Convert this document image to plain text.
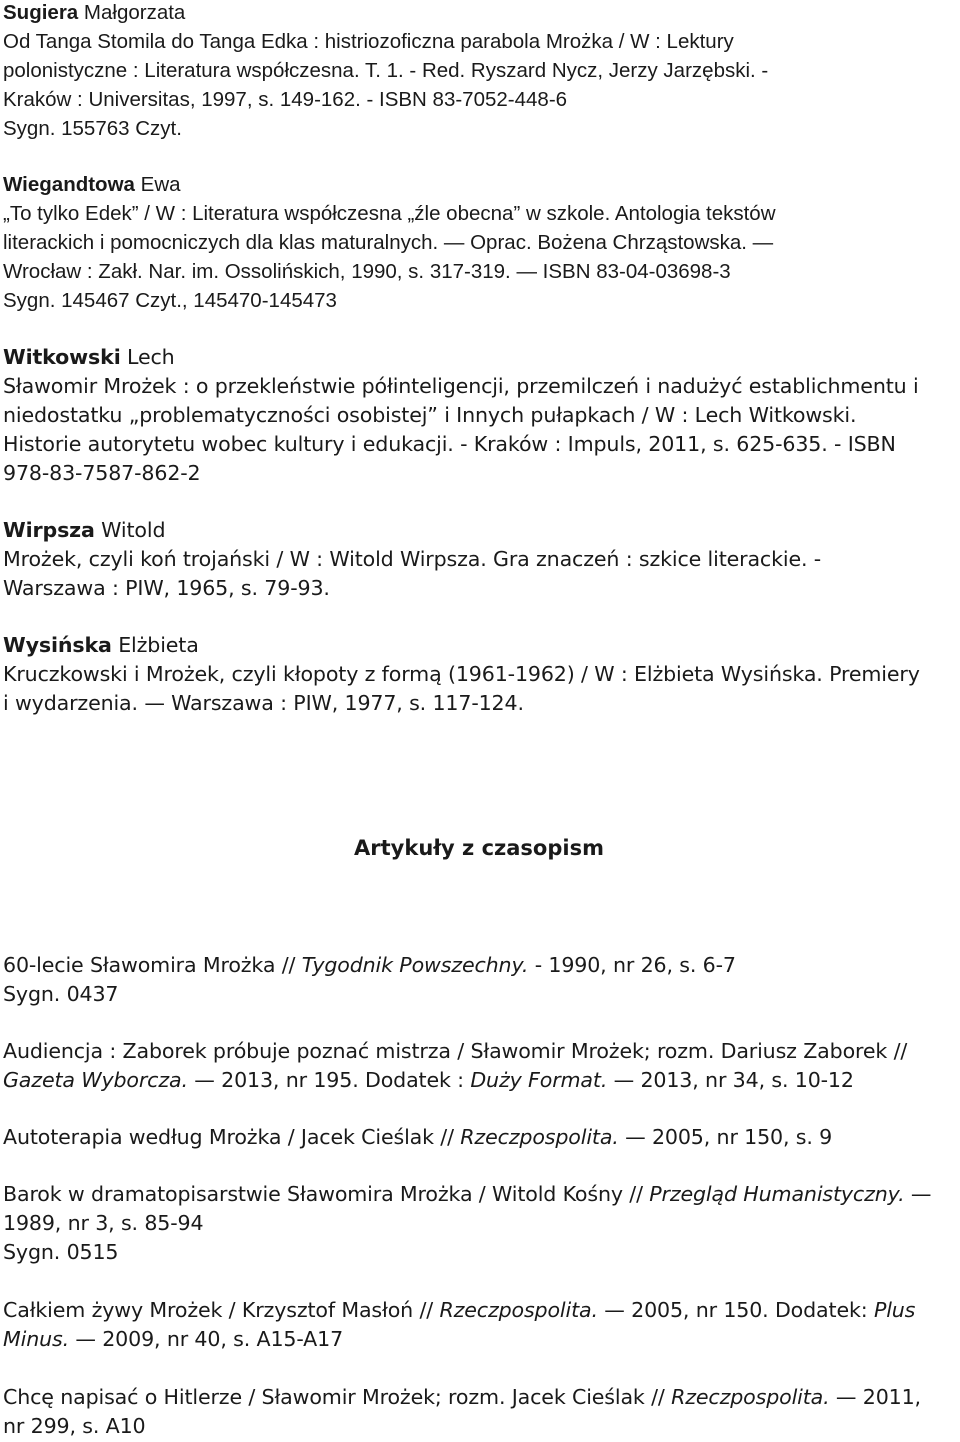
Sugiera Małgorzata
Od Tanga Stomila do Tanga Edka : histriozoficzna parabola Mrożka / W : Lektury
polonistyczne : Literatura współczesna. T. 1. - Red. Ryszard Nycz, Jerzy Jarzębski. -
Kraków : Universitas, 1997, s. 149-162. - ISBN 83-7052-448-6
Sygn. 155763 Czyt.
Wiegandtowa Ewa
„To tylko Edek” / W : Literatura współczesna „źle obecna” w szkole. Antologia tekstów
literackich i pomocniczych dla klas maturalnych. — Oprac. Bożena Chrząstowska. —
Wrocław : Zakł. Nar. im. Ossolińskich, 1990, s. 317-319. — ISBN 83-04-03698-3
Sygn. 145467 Czyt., 145470-145473
Witkowski Lech
Sławomir Mrożek : o przekleństwie półinteligencji, przemilczeń i nadużyć establichmentu i
niedostatku „problematyczności osobistej” i Innych pułapkach / W : Lech Witkowski.
Historie autorytetu wobec kultury i edukacji. - Kraków : Impuls, 2011, s. 625-635. - ISBN
978-83-7587-862-2
Wirpsza Witold
Mrożek, czyli koń trojański / W : Witold Wirpsza. Gra znaczeń : szkice literackie. -
Warszawa : PIW, 1965, s. 79-93.
Wysińska Elżbieta
Kruczkowski i Mrożek, czyli kłopoty z formą (1961-1962) / W : Elżbieta Wysińska. Premiery
i wydarzenia. — Warszawa : PIW, 1977, s. 117-124.
Artykuły z czasopism
60-lecie Sławomira Mrożka // Tygodnik Powszechny. - 1990, nr 26, s. 6-7
Sygn. 0437
Audiencja : Zaborek próbuje poznać mistrza / Sławomir Mrożek; rozm. Dariusz Zaborek //
Gazeta Wyborcza. — 2013, nr 195. Dodatek : Duży Format. — 2013, nr 34, s. 10-12
Autoterapia według Mrożka / Jacek Cieślak // Rzeczpospolita. — 2005, nr 150, s. 9
Barok w dramatopisarstwie Sławomira Mrożka / Witold Kośny // Przegląd Humanistyczny. —
1989, nr 3, s. 85-94
Sygn. 0515
Całkiem żywy Mrożek / Krzysztof Masłoń // Rzeczpospolita. — 2005, nr 150. Dodatek: Plus
Minus. — 2009, nr 40, s. A15-A17
Chcę napisać o Hitlerze / Sławomir Mrożek; rozm. Jacek Cieślak // Rzeczpospolita. — 2011,
nr 299, s. A10
